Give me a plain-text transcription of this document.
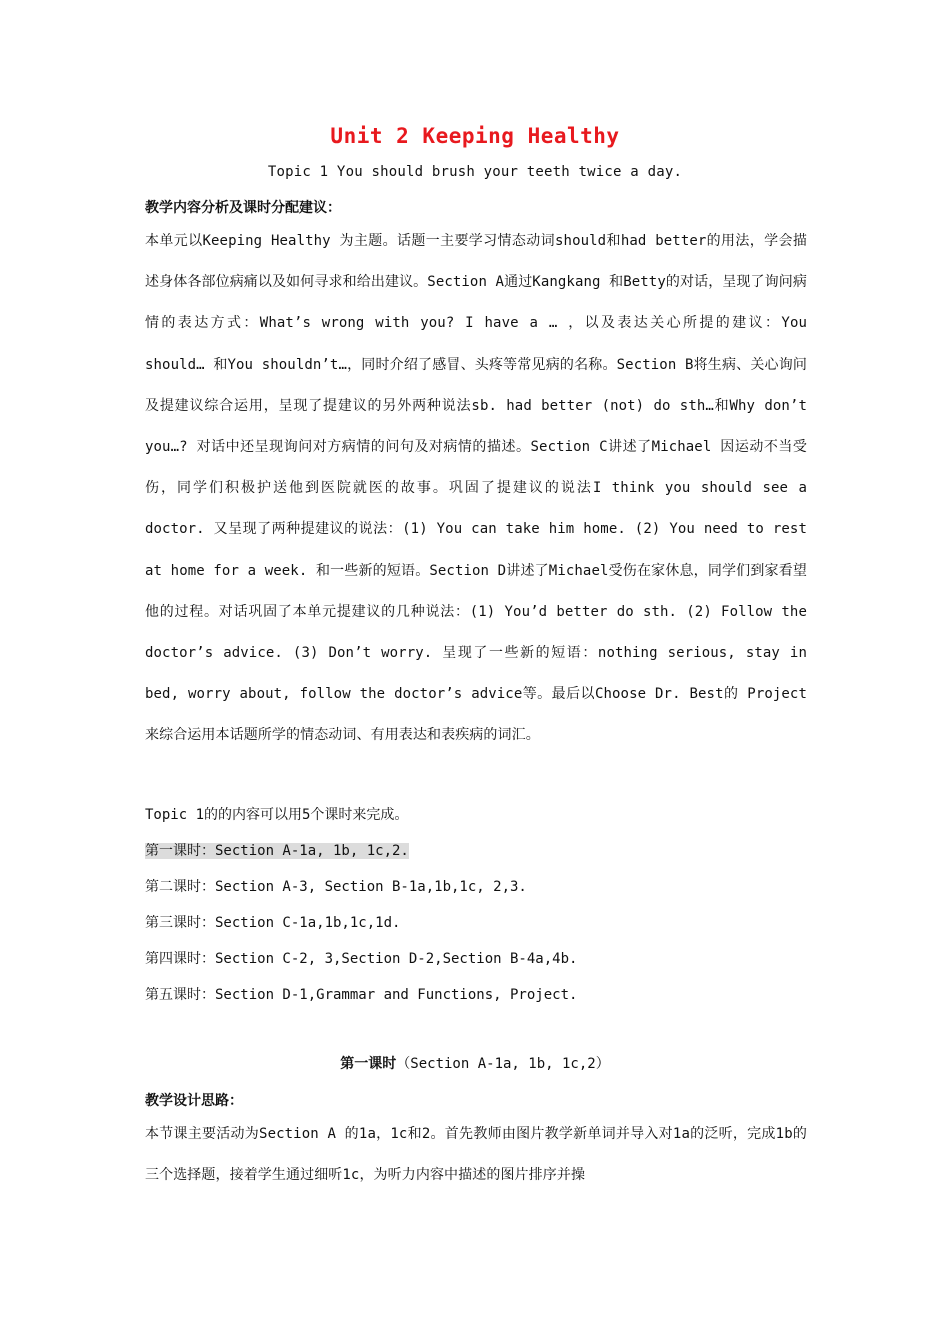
Unit 2 Keeping Healthy
Topic 1 You should brush your teeth twice a day.
教学内容分析及课时分配建议：
本单元以Keeping Healthy 为主题。话题一主要学习情态动词should和had better的用法，学会描述身体各部位病痛以及如何寻求和给出建议。Section A通过Kangkang 和Betty的对话，呈现了询问病情的表达方式：What’s wrong with you? I have a … ，以及表达关心所提的建议：You should… 和You shouldn’t…，同时介绍了感冒、头疼等常见病的名称。Section B将生病、关心询问及提建议综合运用，呈现了提建议的另外两种说法sb. had better (not) do sth…和Why don’t you…? 对话中还呈现询问对方病情的问句及对病情的描述。Section C讲述了Michael 因运动不当受伤，同学们积极护送他到医院就医的故事。巩固了提建议的说法I think you should see a doctor. 又呈现了两种提建议的说法：(1) You can take him home. (2) You need to rest at home for a week. 和一些新的短语。Section D讲述了Michael受伤在家休息，同学们到家看望他的过程。对话巩固了本单元提建议的几种说法：(1) You’d better do sth. (2) Follow the doctor’s advice. (3) Don’t worry. 呈现了一些新的短语：nothing serious, stay in bed, worry about, follow the doctor’s advice等。最后以Choose Dr. Best的 Project来综合运用本话题所学的情态动词、有用表达和表疾病的词汇。
Topic 1的的内容可以用5个课时来完成。
第一课时：Section A-1a, 1b, 1c,2.
第二课时：Section A-3, Section B-1a,1b,1c, 2,3.
第三课时：Section C-1a,1b,1c,1d.
第四课时：Section C-2, 3,Section D-2,Section B-4a,4b.
第五课时：Section D-1,Grammar and Functions, Project.
第一课时（Section A-1a, 1b, 1c,2）
教学设计思路：
本节课主要活动为Section A 的1a，1c和2。首先教师由图片教学新单词并导入对1a的泛听，完成1b的三个选择题，接着学生通过细听1c，为听力内容中描述的图片排序并操
